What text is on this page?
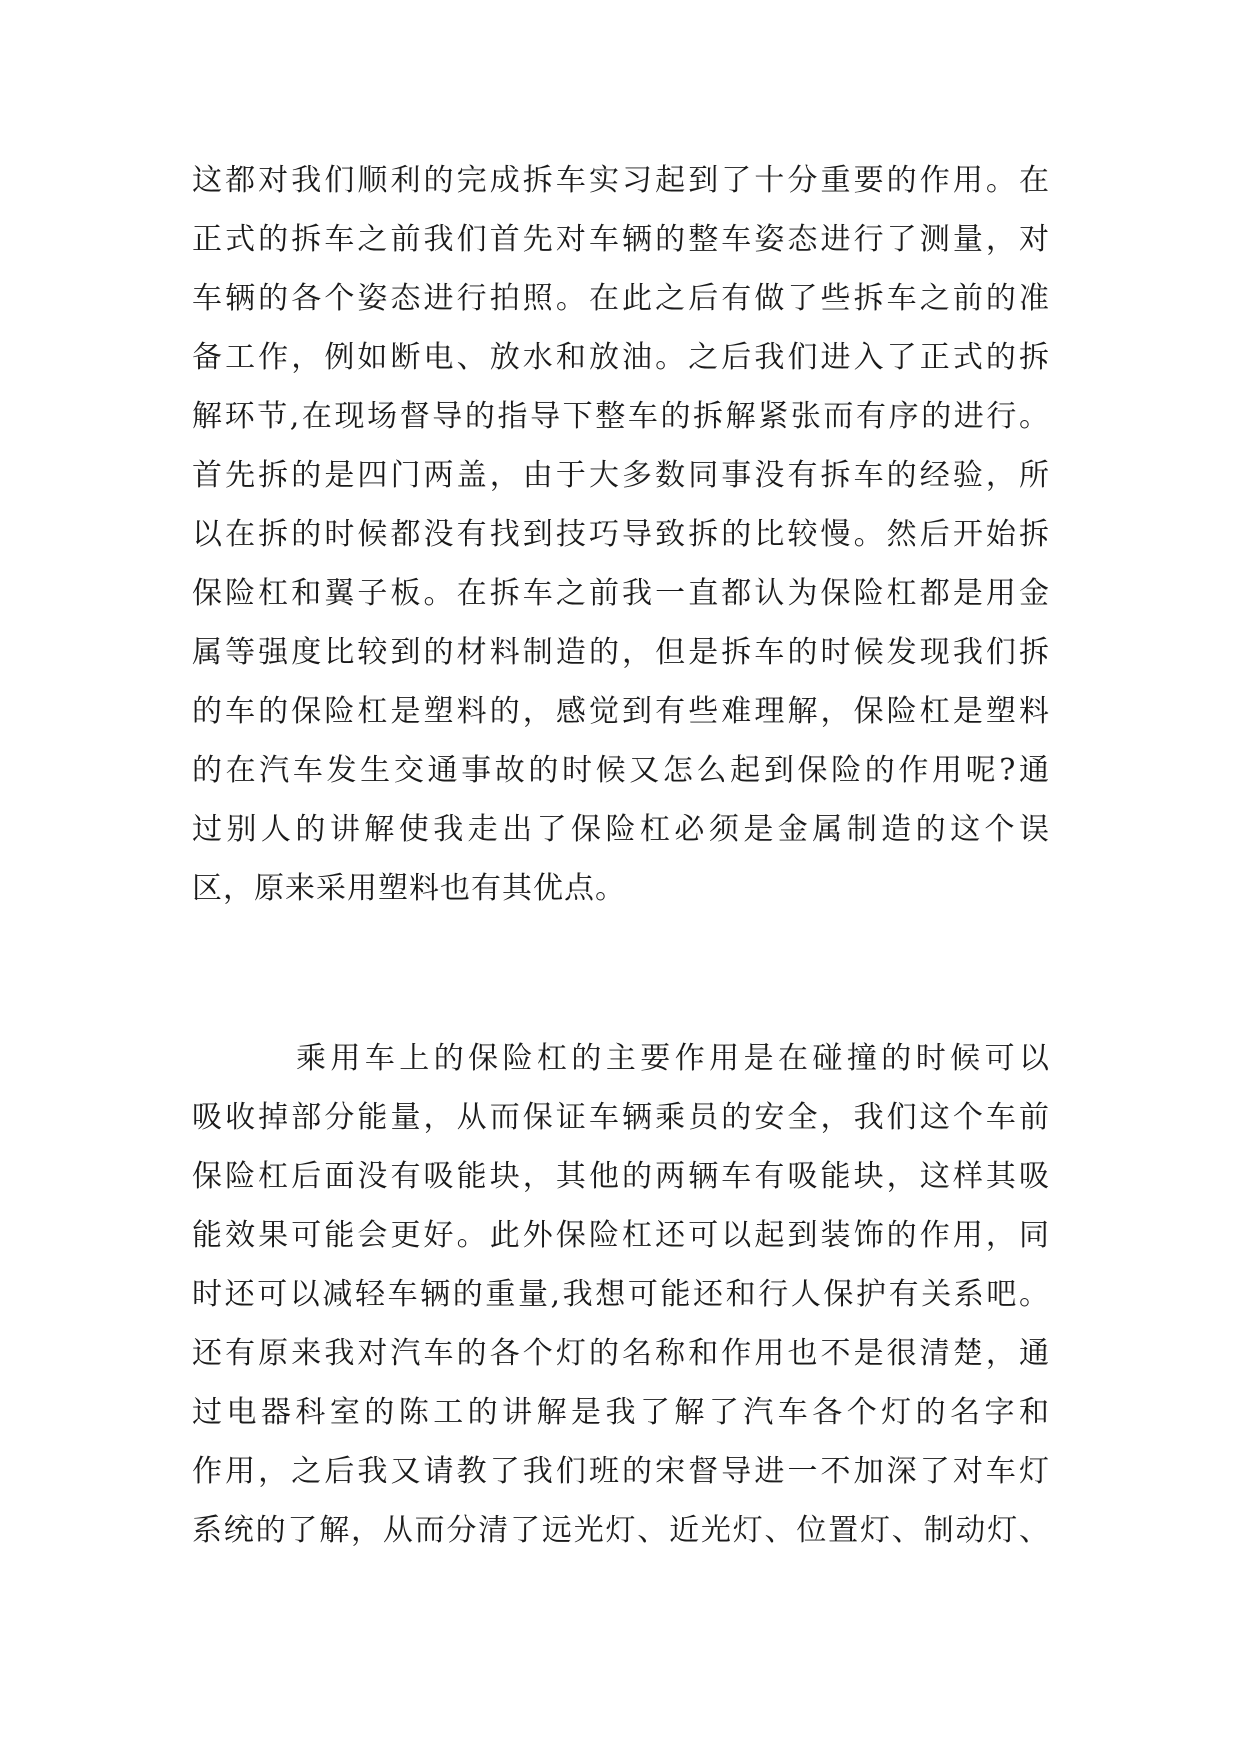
这都对我们顺利的完成拆车实习起到了十分重要的作用。在
正式的拆车之前我们首先对车辆的整车姿态进行了测量，对
车辆的各个姿态进行拍照。在此之后有做了些拆车之前的准
备工作，例如断电、放水和放油。之后我们进入了正式的拆
解环节,在现场督导的指导下整车的拆解紧张而有序的进行。
首先拆的是四门两盖，由于大多数同事没有拆车的经验，所
以在拆的时候都没有找到技巧导致拆的比较慢。然后开始拆
保险杠和翼子板。在拆车之前我一直都认为保险杠都是用金
属等强度比较到的材料制造的，但是拆车的时候发现我们拆
的车的保险杠是塑料的，感觉到有些难理解，保险杠是塑料
的在汽车发生交通事故的时候又怎么起到保险的作用呢?通
过别人的讲解使我走出了保险杠必须是金属制造的这个误
区，原来采用塑料也有其优点。
乘用车上的保险杠的主要作用是在碰撞的时候可以
吸收掉部分能量，从而保证车辆乘员的安全，我们这个车前
保险杠后面没有吸能块，其他的两辆车有吸能块，这样其吸
能效果可能会更好。此外保险杠还可以起到装饰的作用，同
时还可以减轻车辆的重量,我想可能还和行人保护有关系吧。
还有原来我对汽车的各个灯的名称和作用也不是很清楚，通
过电器科室的陈工的讲解是我了解了汽车各个灯的名字和
作用，之后我又请教了我们班的宋督导进一不加深了对车灯
系统的了解，从而分清了远光灯、近光灯、位置灯、制动灯、
